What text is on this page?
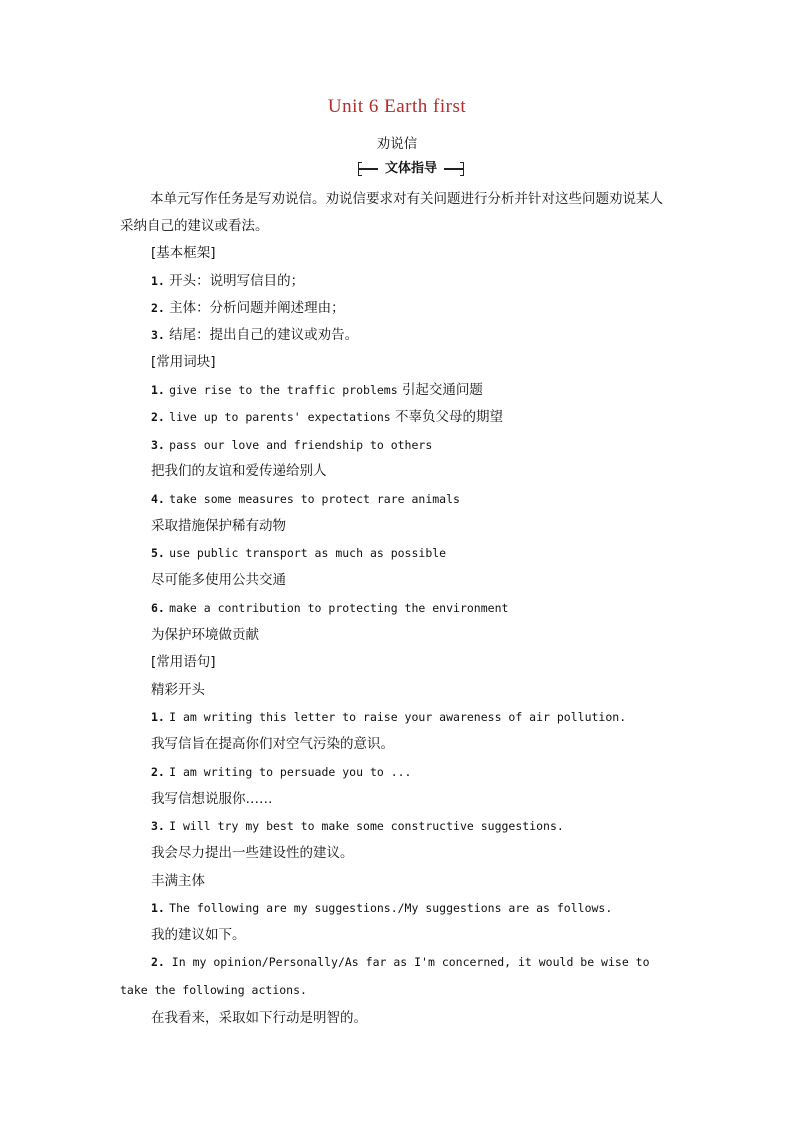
Unit 6 Earth first
劝说信
文体指导

本单元写作任务是写劝说信。劝说信要求对有关问题进行分析并针对这些问题劝说某人采纳自己的建议或看法。

[基本框架]
1. 开头：说明写信目的；
2. 主体：分析问题并阐述理由；
3. 结尾：提出自己的建议或劝告。
[常用词块]
1. give rise to the traffic problems 引起交通问题
2. live up to parents' expectations 不辜负父母的期望
3. pass our love and friendship to others
把我们的友谊和爱传递给别人
4. take some measures to protect rare animals
采取措施保护稀有动物
5. use public transport as much as possible
尽可能多使用公共交通
6. make a contribution to protecting the environment
为保护环境做贡献
[常用语句]
精彩开头
1. I am writing this letter to raise your awareness of air pollution.
我写信旨在提高你们对空气污染的意识。
2. I am writing to persuade you to ...
我写信想说服你……
3. I will try my best to make some constructive suggestions.
我会尽力提出一些建设性的建议。
丰满主体
1. The following are my suggestions./My suggestions are as follows.
我的建议如下。

2. In my opinion/Personally/As far as I'm concerned, it would be wise to take the following actions.

在我看来，采取如下行动是明智的。
